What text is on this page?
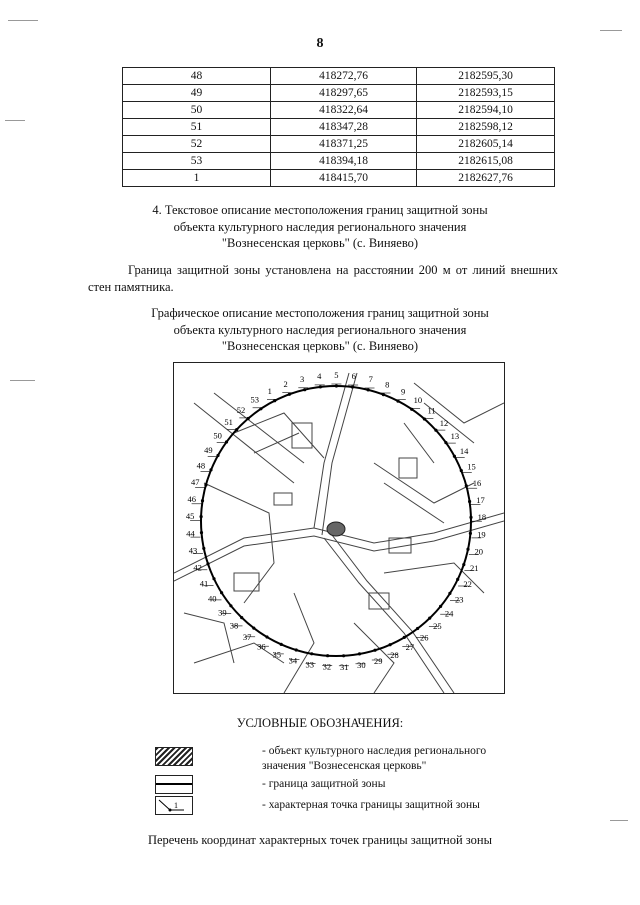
8
48	418272,76	2182595,30
49	418297,65	2182593,15
50	418322,64	2182594,10
51	418347,28	2182598,12
52	418371,25	2182605,14
53	418394,18	2182615,08
1	418415,70	2182627,76
4. Текстовое описание местоположения границ защитной зоны
объекта культурного наследия регионального значения
"Вознесенская церковь" (с. Виняево)
Граница защитной зоны установлена на расстоянии 200 м от линий внешних стен памятника.
Графическое описание местоположения границ защитной зоны
объекта культурного наследия регионального значения
"Вознесенская церковь" (с. Виняево)
1
2 3 4 5 6 7
8
9
10
11
12
13
14
15
16
17
18
19
20
21
22
23
24
25
26
27
28
29
30
31
32
33
34
35
36
37
38
39
40
41
42
43
44
45
46
47
48
49
50
51
52
53
УСЛОВНЫЕ ОБОЗНАЧЕНИЯ:
- объект культурного наследия регионального
значения "Вознесенская церковь"
- граница защитной зоны
1	- характерная точка границы защитной зоны
Перечень координат характерных точек границы защитной зоны
